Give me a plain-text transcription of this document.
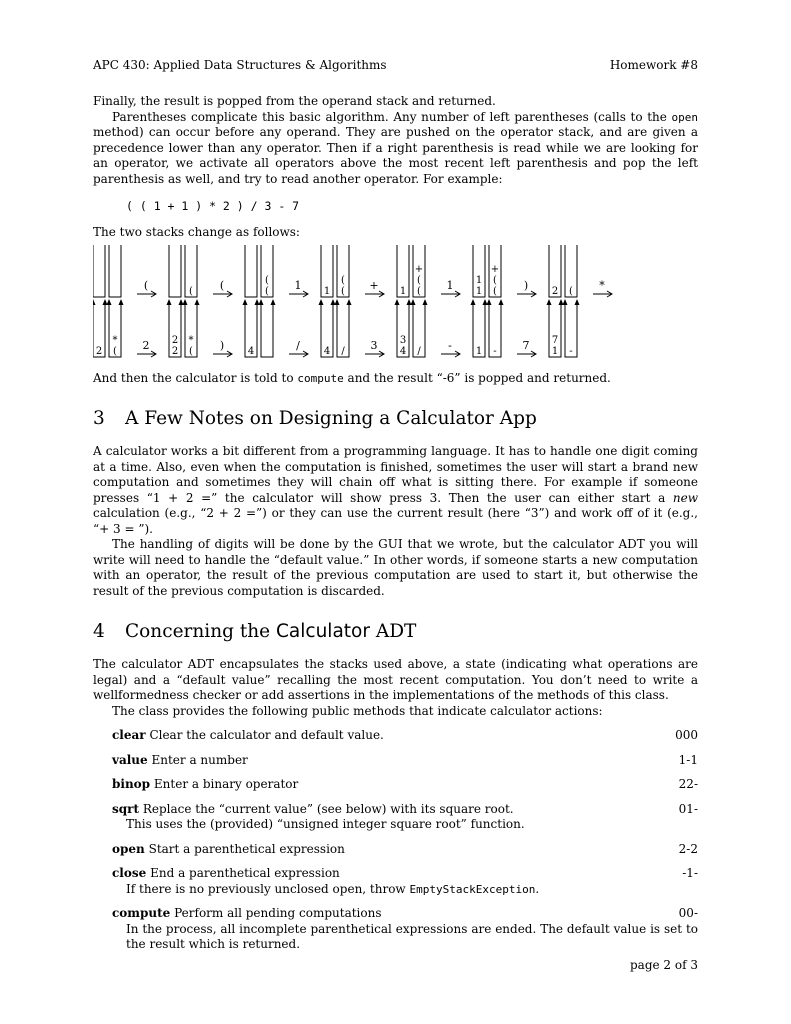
APC 430: Applied Data Structures & Algorithms	Homework #8

Finally, the result is popped from the operand stack and returned.

Parentheses complicate this basic algorithm. Any number of left parentheses (calls to the open method) can occur before any operand. They are pushed on the operator stack, and are given a precedence lower than any operator. Then if a right parenthesis is read while we are looking for an operator, we activate all operators above the most recent left parenthesis and pop the left parenthesis as well, and try to read another operator. For example:

( ( 1 + 1 ) * 2 ) / 3 - 7

The two stacks change as follows:

(	( (	(
( 1 1
(
( + 1
+
(
( 1 1
1
+
(
( ) 2 ( *
2
*
( 2 2
2
*
( ) 4	/ 4 / 3 3
4 / - 1 - 7 7
1 -

And then the calculator is told to compute and the result “-6” is popped and returned.

3 A Few Notes on Designing a Calculator App

A calculator works a bit different from a programming language. It has to handle one digit coming at a time. Also, even when the computation is finished, sometimes the user will start a brand new computation and sometimes they will chain off what is sitting there. For example if someone presses “1 + 2 =” the calculator will show press 3. Then the user can either start a new calculation (e.g., “2 + 2 =”) or they can use the current result (here “3”) and work off of it (e.g., “+ 3 = ”).

The handling of digits will be done by the GUI that we wrote, but the calculator ADT you will write will need to handle the “default value.” In other words, if someone starts a new computation with an operator, the result of the previous computation are used to start it, but otherwise the result of the previous computation is discarded.

4 Concerning the Calculator ADT

The calculator ADT encapsulates the stacks used above, a state (indicating what operations are legal) and a “default value” recalling the most recent computation. You don’t need to write a wellformedness checker or add assertions in the implementations of the methods of this class.

The class provides the following public methods that indicate calculator actions:

clear Clear the calculator and default value.	000
value Enter a number	1-1
binop Enter a binary operator	22-
sqrt Replace the “current value” (see below) with its square root.	01-
This uses the (provided) “unsigned integer square root” function.
open Start a parenthetical expression	2-2
close End a parenthetical expression	-1-
If there is no previously unclosed open, throw EmptyStackException.
compute Perform all pending computations	00-
In the process, all incomplete parenthetical expressions are ended. The default value is set to the result which is returned.
page 2 of 3
